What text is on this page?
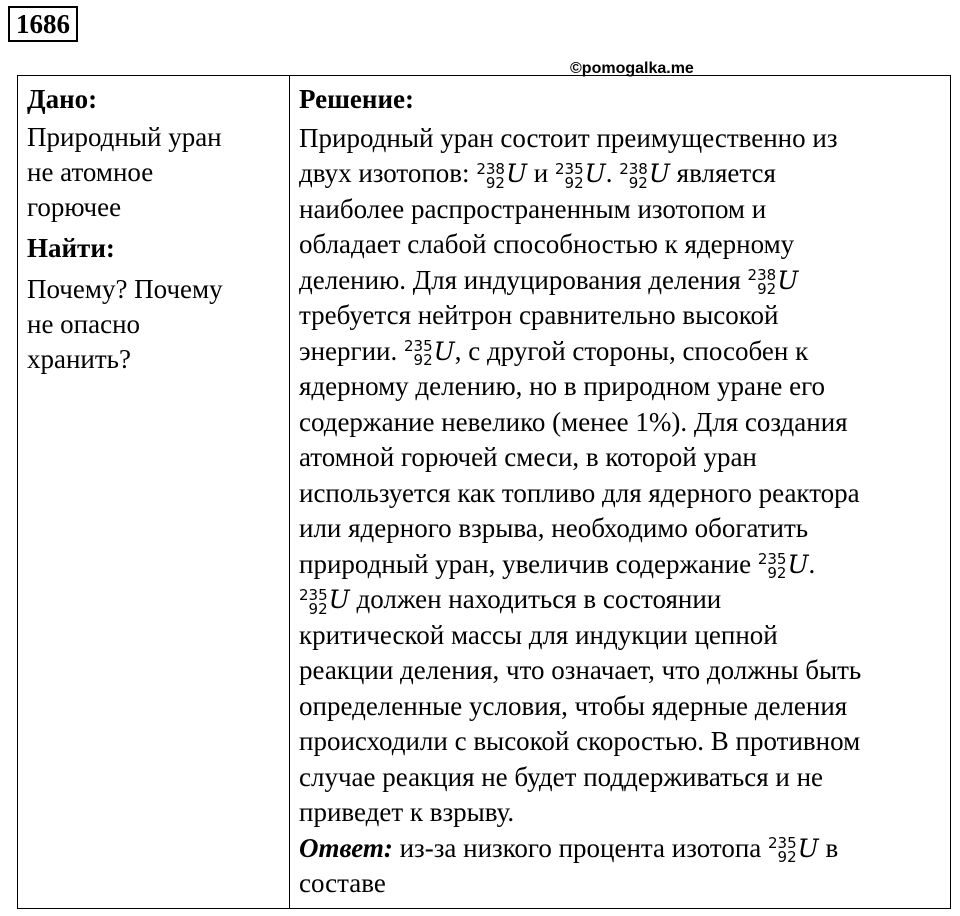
1686
©pomogalka.me
Дано:
Природный уран
не атомное
горючее
Найти:
Почему? Почему
не опасно
хранить?
Решение:
Природный уран состоит преимущественно из
двух изотопов: 238
92 U и 235
92 U. 238
92 U является
наиболее распространенным изотопом и
обладает слабой способностью к ядерному
делению. Для индуцирования деления 238
92 U
требуется нейтрон сравнительно высокой
энергии. 235
92 U, с другой стороны, способен к
ядерному делению, но в природном уране его
содержание невелико (менее 1%). Для создания
атомной горючей смеси, в которой уран
используется как топливо для ядерного реактора
или ядерного взрыва, необходимо обогатить
природный уран, увеличив содержание 235
92 U.
235
92 U должен находиться в состоянии
критической массы для индукции цепной
реакции деления, что означает, что должны быть
определенные условия, чтобы ядерные деления
происходили с высокой скоростью. В противном
случае реакция не будет поддерживаться и не
приведет к взрыву.
Ответ: из-за низкого процента изотопа 235
92 U в
составе
